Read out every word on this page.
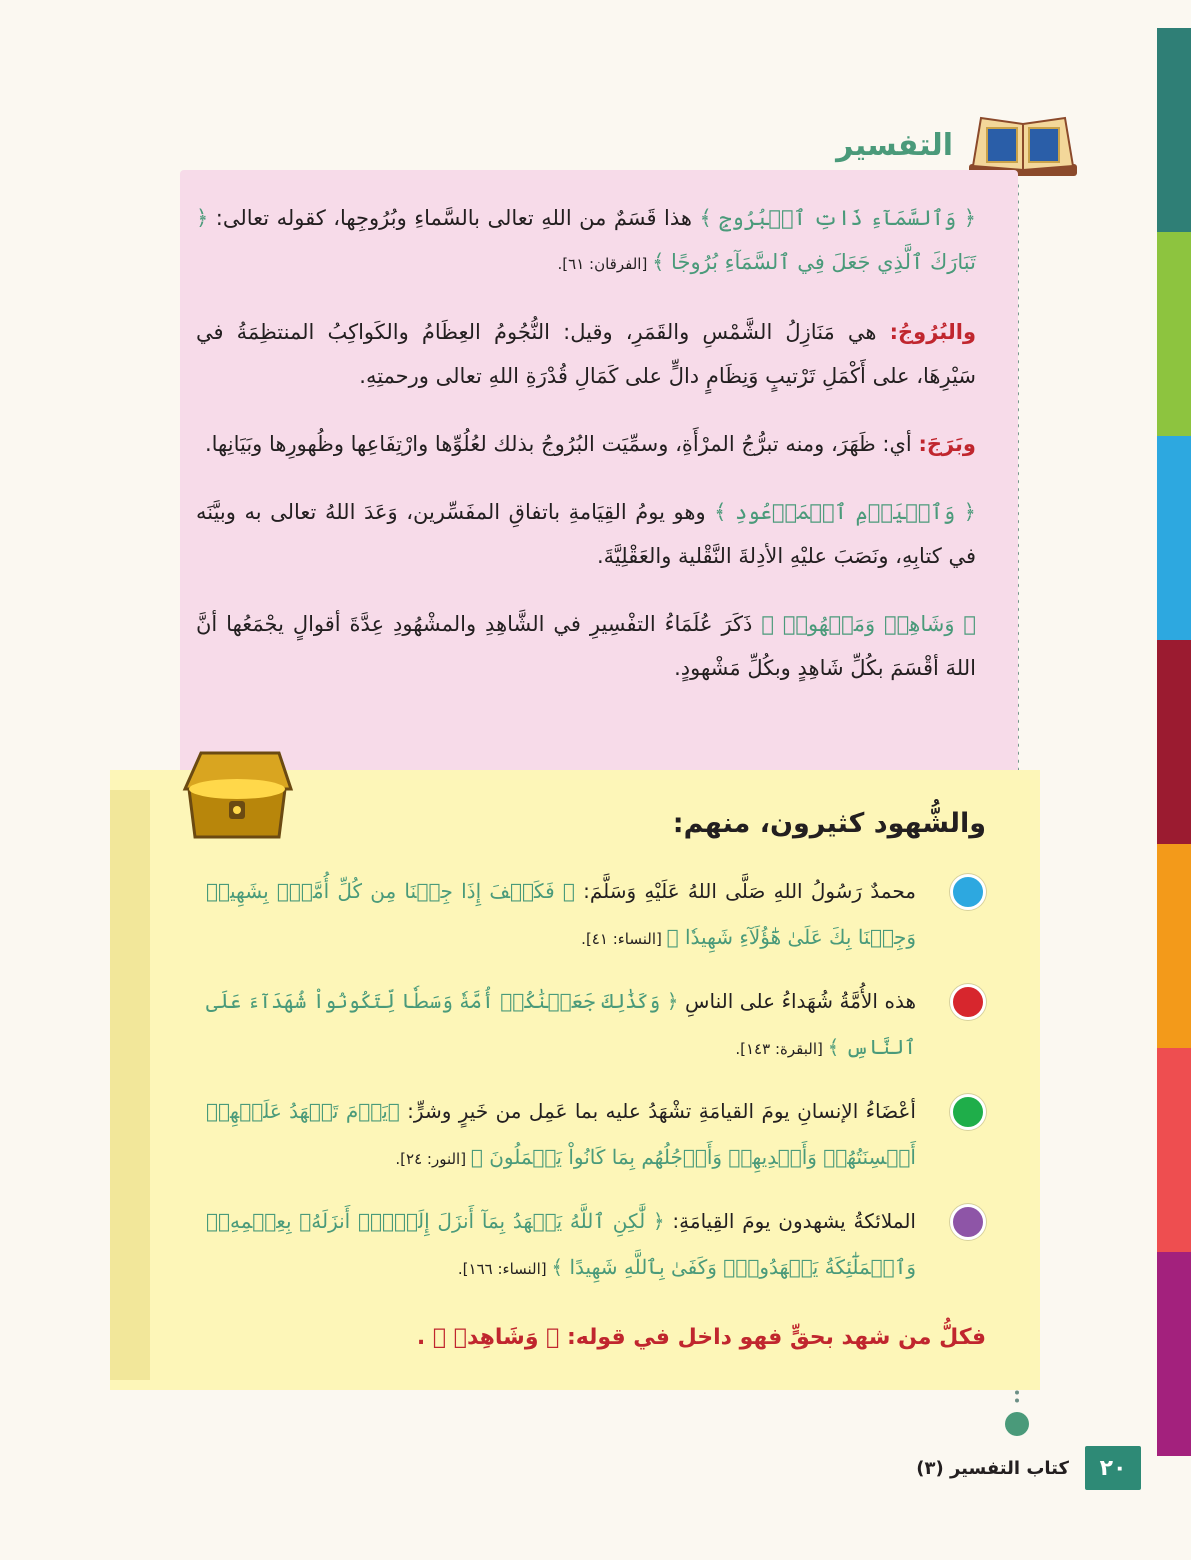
التفسير

﴿ وَٱلسَّمَآءِ ذَاتِ ٱلۡبُرُوجِ ﴾ هذا قَسَمٌ من اللهِ تعالى بالسَّماءِ وبُرُوجِها، كقوله تعالى: ﴿ تَبَارَكَ ٱلَّذِي جَعَلَ فِي ٱلسَّمَآءِ بُرُوجًا ﴾ [الفرقان: ٦١].

والبُرُوجُ: هي مَنَازِلُ الشَّمْسِ والقَمَرِ، وقيل: النُّجُومُ العِظَامُ والكَواكِبُ المنتظِمَةُ في سَيْرِهَا، على أَكْمَلِ تَرْتيبٍ وَنِظَامٍ دالٍّ على كَمَالِ قُدْرَةِ اللهِ تعالى ورحمتِهِ.

وبَرَجَ: أي: ظَهَرَ، ومنه تبرُّجُ المرْأَةِ، وسمِّيَت البُرُوجُ بذلك لعُلُوِّها وارْتِفَاعِها وظُهورِها وبَيَانِها.

﴿ وَٱلۡيَوۡمِ ٱلۡمَوۡعُودِ ﴾ وهو يومُ القِيَامةِ باتفاقِ المفَسِّرين، وَعَدَ اللهُ تعالى به وبيَّنَه في كتابِهِ، ونَصَبَ عليْهِ الأدِلةَ النَّقْلية والعَقْلِيَّةَ.

﴿ وَشَاهِدٖ وَمَشۡهُودٖ ﴾ ذَكَرَ عُلَمَاءُ التفْسِيرِ في الشَّاهِدِ والمشْهُودِ عِدَّةَ أقوالٍ يجْمَعُها أنَّ اللهَ أقْسَمَ بكُلِّ شَاهِدٍ وبكُلِّ مَشْهودٍ.

والشُّهود كثيرون، منهم:
محمدٌ رَسُولُ اللهِ صَلَّى اللهُ عَلَيْهِ وَسَلَّمَ: ﴿ فَكَيۡفَ إِذَا جِئۡنَا مِن كُلِّ أُمَّةِۭ بِشَهِيدٖ وَجِئۡنَا بِكَ عَلَىٰ هَٰٓؤُلَآءِ شَهِيدٗا ﴾ [النساء: ٤١].
هذه الأُمَّةُ شُهَداءُ على الناسِ ﴿ وَكَذَٰلِكَ جَعَلۡنَٰكُمۡ أُمَّةٗ وَسَطٗا لِّتَكُونُواْ شُهَدَآءَ عَلَى ٱلنَّاسِ ﴾ [البقرة: ١٤٣].
أعْضَاءُ الإنسانِ يومَ القيامَةِ تشْهَدُ عليه بما عَمِل من خَيرٍ وشرٍّ: ﴿يَوۡمَ تَشۡهَدُ عَلَيۡهِمۡ أَلۡسِنَتُهُمۡ وَأَيۡدِيهِمۡ وَأَرۡجُلُهُم بِمَا كَانُواْ يَعۡمَلُونَ ﴾ [النور: ٢٤].
الملائكةُ يشهدون يومَ القِيامَةِ: ﴿ لَّٰكِنِ ٱللَّهُ يَشۡهَدُ بِمَآ أَنزَلَ إِلَيۡكَۖ أَنزَلَهُۥ بِعِلۡمِهِۦۖ وَٱلۡمَلَٰٓئِكَةُ يَشۡهَدُونَۚ وَكَفَىٰ بِٱللَّهِ شَهِيدًا ﴾ [النساء: ١٦٦].
فكلُّ من شهد بحقٍّ فهو داخل في قوله: ﴿ وَشَاهِدٖ ﴾ .
٢٠
كتاب التفسير (٣)
